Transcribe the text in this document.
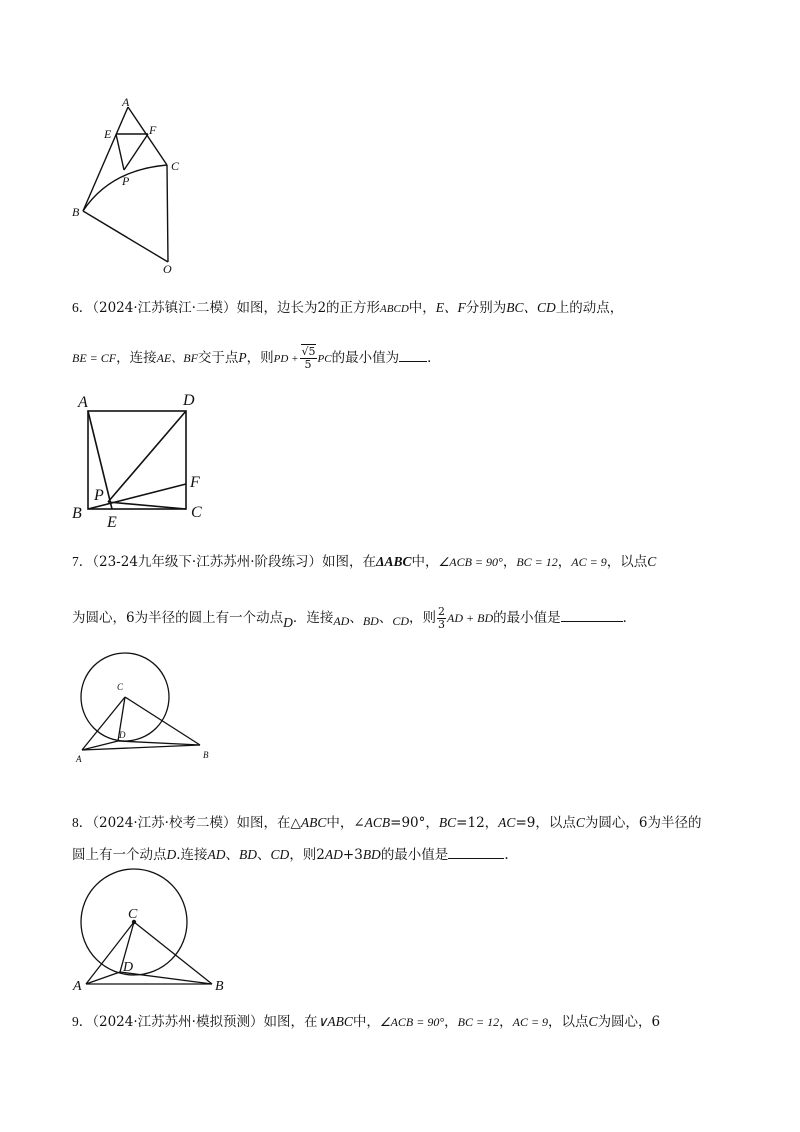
A
E	F
P
C
B
O
6．（2024·江苏镇江·二模）如图，边长为2的正方形ABCD中，E、F分别为BC、CD上的动点，
BE = CF，连接AE、BF交于点P，则PD + $\frac{√5}{5}$ PC的最小值为 ．
A	D
F
P
B
E
C
7．（23-24九年级下·江苏苏州·阶段练习）如图，在ΔABC中，∠ACB = 90°，BC = 12，AC = 9，以点C
为圆心，6为半径的圆上有一个动点D．连接AD、BD、CD，则 $\frac{2}{3}$ AD + BD的最小值是	．
C
D
A	B
8．（2024·江苏·校考二模）如图，在△ABC中，∠ACB=90°，BC=12，AC=9，以点C为圆心，6为半径的
圆上有一个动点D.连接AD、BD、CD，则2AD+3BD的最小值是	.
C
D
A	B
9．（2024·江苏苏州·模拟预测）如图，在∨ABC中，∠ACB = 90°，BC = 12，AC = 9，以点C为圆心，6
